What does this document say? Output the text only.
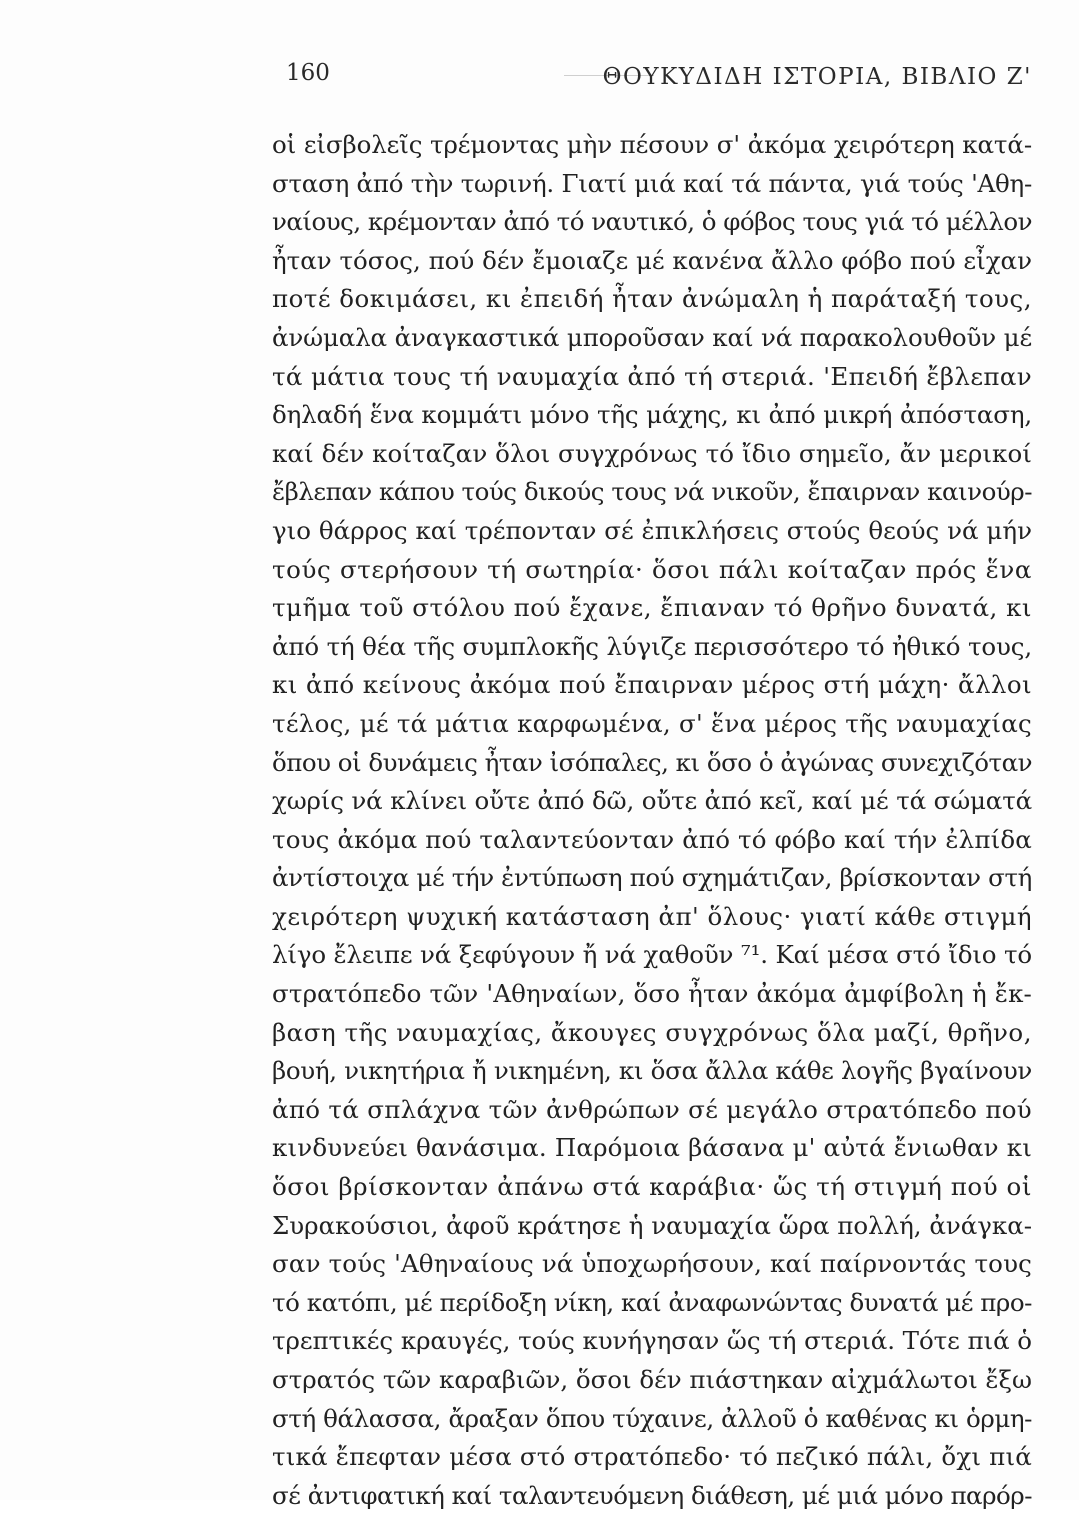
160	ΘΟΥΚΥΔΙΔΗ ΙΣΤΟΡΙΑ, ΒΙΒΛΙΟ Ζ'
οἱ εἰσβολεῖς τρέμοντας μὴν πέσουν σ' ἀκόμα χειρότερη κατά-
σταση ἀπό τὴν τωρινή. Γιατί μιά καί τά πάντα, γιά τούς 'Αθη-
ναίους, κρέμονταν ἀπό τό ναυτικό, ὁ φόβος τους γιά τό μέλλον
ἦταν τόσος, πού δέν ἔμοιαζε μέ κανένα ἄλλο φόβο πού εἶχαν
ποτέ δοκιμάσει, κι ἐπειδή ἦταν ἀνώμαλη ἡ παράταξή τους,
ἀνώμαλα ἀναγκαστικά μποροῦσαν καί νά παρακολουθοῦν μέ
τά μάτια τους τή ναυμαχία ἀπό τή στεριά. 'Επειδή ἔβλεπαν
δηλαδή ἕνα κομμάτι μόνο τῆς μάχης, κι ἀπό μικρή ἀπόσταση,
καί δέν κοίταζαν ὅλοι συγχρόνως τό ἴδιο σημεῖο, ἄν μερικοί
ἔβλεπαν κάπου τούς δικούς τους νά νικοῦν, ἔπαιρναν καινούρ-
γιο θάρρος καί τρέπονταν σέ ἐπικλήσεις στούς θεούς νά μήν
τούς στερήσουν τή σωτηρία· ὅσοι πάλι κοίταζαν πρός ἕνα
τμῆμα τοῦ στόλου πού ἔχανε, ἔπιαναν τό θρῆνο δυνατά, κι
ἀπό τή θέα τῆς συμπλοκῆς λύγιζε περισσότερο τό ἠθικό τους,
κι ἀπό κείνους ἀκόμα πού ἔπαιρναν μέρος στή μάχη· ἄλλοι
τέλος, μέ τά μάτια καρφωμένα, σ' ἕνα μέρος τῆς ναυμαχίας
ὅπου οἱ δυνάμεις ἦταν ἰσόπαλες, κι ὅσο ὁ ἀγώνας συνεχιζόταν
χωρίς νά κλίνει οὔτε ἀπό δῶ, οὔτε ἀπό κεῖ, καί μέ τά σώματά
τους ἀκόμα πού ταλαντεύονταν ἀπό τό φόβο καί τήν ἐλπίδα
ἀντίστοιχα μέ τήν ἐντύπωση πού σχημάτιζαν, βρίσκονταν στή
χειρότερη ψυχική κατάσταση ἀπ' ὅλους· γιατί κάθε στιγμή
λίγο ἔλειπε νά ξεφύγουν ἤ νά χαθοῦν ⁷¹. Καί μέσα στό ἴδιο τό
στρατόπεδο τῶν 'Αθηναίων, ὅσο ἦταν ἀκόμα ἀμφίβολη ἡ ἔκ-
βαση τῆς ναυμαχίας, ἄκουγες συγχρόνως ὅλα μαζί, θρῆνο,
βουή, νικητήρια ἤ νικημένη, κι ὅσα ἄλλα κάθε λογῆς βγαίνουν
ἀπό τά σπλάχνα τῶν ἀνθρώπων σέ μεγάλο στρατόπεδο πού
κινδυνεύει θανάσιμα. Παρόμοια βάσανα μ' αὐτά ἔνιωθαν κι
ὅσοι βρίσκονταν ἀπάνω στά καράβια· ὥς τή στιγμή πού οἱ
Συρακούσιοι, ἀφοῦ κράτησε ἡ ναυμαχία ὥρα πολλή, ἀνάγκα-
σαν τούς 'Αθηναίους νά ὑποχωρήσουν, καί παίρνοντάς τους
τό κατόπι, μέ περίδοξη νίκη, καί ἀναφωνώντας δυνατά μέ προ-
τρεπτικές κραυγές, τούς κυνήγησαν ὥς τή στεριά. Τότε πιά ὁ
στρατός τῶν καραβιῶν, ὅσοι δέν πιάστηκαν αἰχμάλωτοι ἔξω
στή θάλασσα, ἄραξαν ὅπου τύχαινε, ἀλλοῦ ὁ καθένας κι ὁρμη-
τικά ἔπεφταν μέσα στό στρατόπεδο· τό πεζικό πάλι, ὄχι πιά
σέ ἀντιφατική καί ταλαντευόμενη διάθεση, μέ μιά μόνο παρόρ-
